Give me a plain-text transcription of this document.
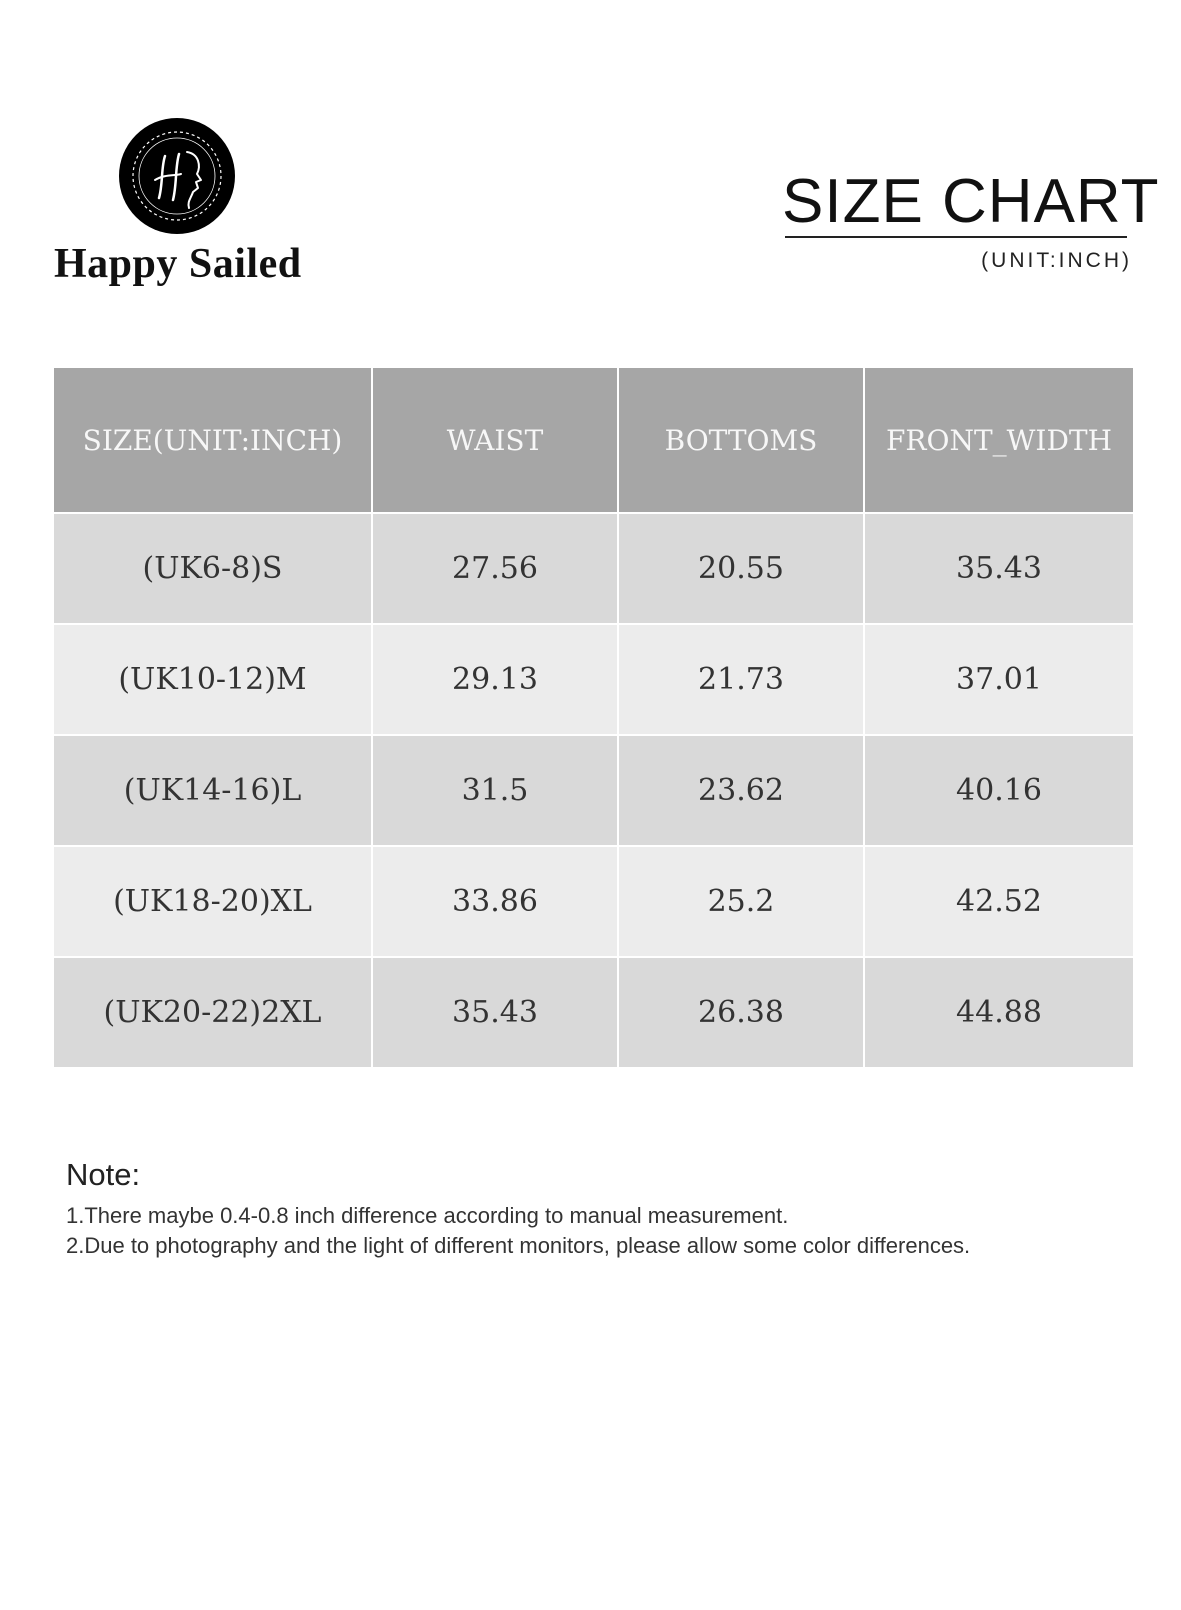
Happy Sailed
SIZE CHART
(UNIT:INCH)
SIZE(UNIT:INCH)	WAIST	BOTTOMS	FRONT_WIDTH
(UK6-8)S	27.56	20.55	35.43
(UK10-12)M	29.13	21.73	37.01
(UK14-16)L	31.5	23.62	40.16
(UK18-20)XL	33.86	25.2	42.52
(UK20-22)2XL	35.43	26.38	44.88
Note:
1.There maybe 0.4-0.8 inch difference according to manual measurement.
2.Due to photography and the light of different monitors, please allow some color differences.
